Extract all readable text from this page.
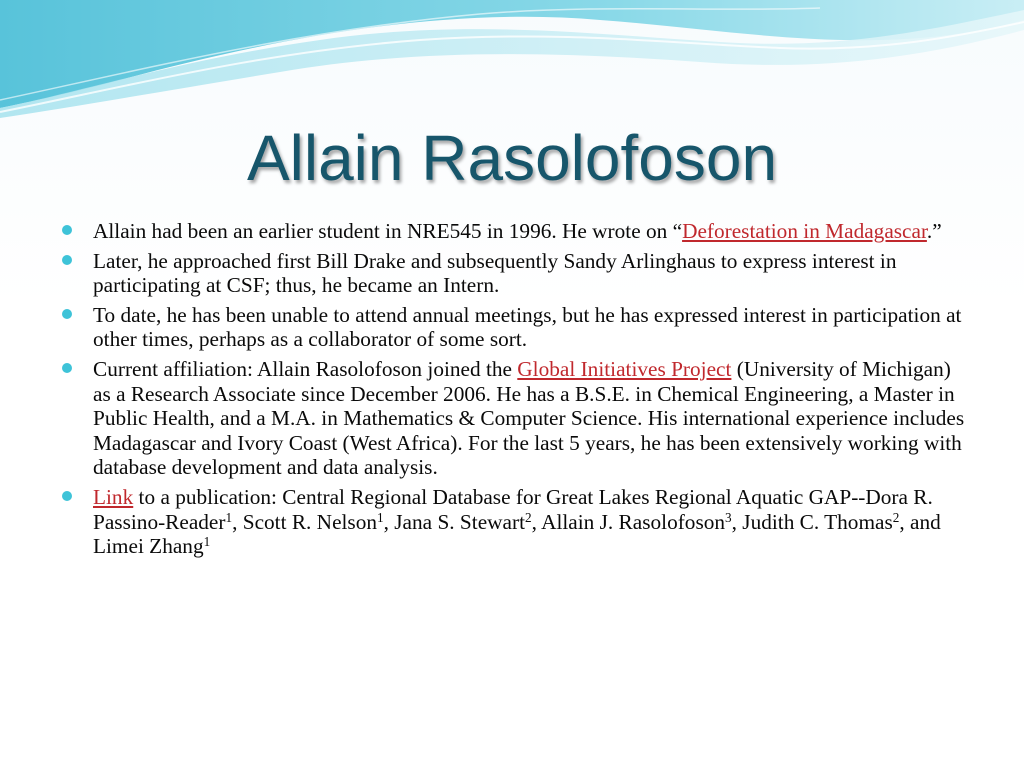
Allain Rasolofoson
Allain had been an earlier student in NRE545 in 1996. He wrote on “Deforestation in Madagascar.”
Later, he approached first Bill Drake and subsequently Sandy Arlinghaus to express interest in participating at CSF; thus, he became an Intern.
To date, he has been unable to attend annual meetings, but he has expressed interest in participation at other times, perhaps as a collaborator of some sort.
Current affiliation: Allain Rasolofoson joined the Global Initiatives Project (University of Michigan) as a Research Associate since December 2006. He has a B.S.E. in Chemical Engineering, a Master in Public Health, and a M.A. in Mathematics & Computer Science. His international experience includes Madagascar and Ivory Coast (West Africa). For the last 5 years, he has been extensively working with database development and data analysis.
Link to a publication: Central Regional Database for Great Lakes Regional Aquatic GAP--Dora R. Passino-Reader$^1$, Scott R. Nelson$^1$, Jana S. Stewart$^2$, Allain J. Rasolofoson$^3$, Judith C. Thomas$^2$, and Limei Zhang$^1$
